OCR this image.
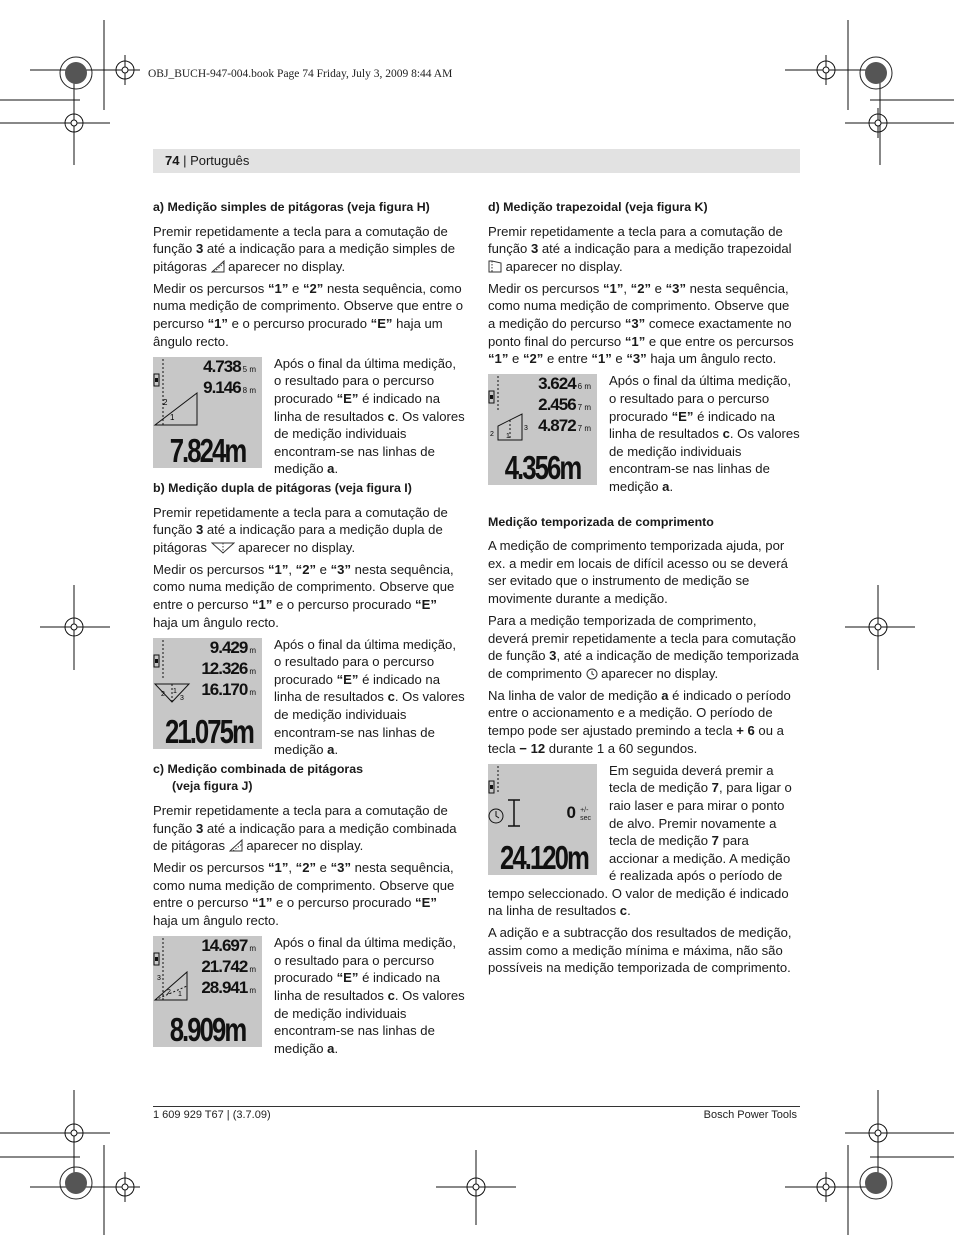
OBJ_BUCH-947-004.book Page 74 Friday, July 3, 2009 8:44 AM
74 | Português
a) Medição simples de pitágoras (veja figura H)

Premir repetidamente a tecla para a comutação de função 3 até a indicação para a medição simples de pitágoras  aparecer no display.

Medir os percursos “1” e “2” nesta sequência, como numa medição de comprimento. Observe que entre o percurso “1” e o percurso procurado “E” haja um ângulo recto.

2
1
4.738 5 m
9.146 8 m
7.824m

Após o final da última medição, o resultado para o percurso procurado “E” é indicado na linha de resultados c. Os valores de medição individuais encontram-se nas linhas de medição a.

b) Medição dupla de pitágoras (veja figura I)

Premir repetidamente a tecla para a comutação de função 3 até a indicação para a medição dupla de pitágoras  aparecer no display.

Medir os percursos “1”, “2” e “3” nesta sequência, como numa medição de comprimento. Observe que entre o percurso “1” e o percurso procurado “E” haja um ângulo recto.

2 1
3
9.429 m
12.326 m
16.170 m
21.075m

Após o final da última medição, o resultado para o percurso procurado “E” é indicado na linha de resultados c. Os valores de medição individuais encontram-se nas linhas de medição a.

c) Medição combinada de pitágoras
(veja figura J)

Premir repetidamente a tecla para a comutação de função 3 até a indicação para a medição combinada de pitágoras  aparecer no display.

Medir os percursos “1”, “2” e “3” nesta sequência, como numa medição de comprimento. Observe que entre o percurso “1” e o percurso procurado “E” haja um ângulo recto.

3
2 1
14.697 m
21.742 m
28.941 m
8.909m

Após o final da última medição, o resultado para o percurso procurado “E” é indicado na linha de resultados c. Os valores de medição individuais encontram-se nas linhas de medição a.

d) Medição trapezoidal (veja figura K)

Premir repetidamente a tecla para a comutação de função 3 até a indicação para a medição trapezoidal  aparecer no display.

Medir os percursos “1”, “2” e “3” nesta sequência, como numa medição de comprimento. Observe que a medição do percurso “3” comece exactamente no ponto final do percurso “1” e que entre os percursos “1” e “2” e entre “1” e “3” haja um ângulo recto.

2
3
1
3.624 6 m
2.456 7 m
4.872 7 m
4.356m

Após o final da última medição, o resultado para o percurso procurado “E” é indicado na linha de resultados c. Os valores de medição individuais encontram-se nas linhas de medição a.

Medição temporizada de comprimento

A medição de comprimento temporizada ajuda, por ex. a medir em locais de difícil acesso ou se deverá ser evitado que o instrumento de medição se movimente durante a medição.

Para a medição temporizada de comprimento, deverá premir repetidamente a tecla para comutação de função 3, até a indicação de medição temporizada de comprimento  aparecer no display.

Na linha de valor de medição a é indicado o período entre o accionamento e a medição. O período de tempo pode ser ajustado premindo a tecla + 6 ou a tecla − 12 durante 1 a 60 segundos.

0 +/-
sec
24.120m

Em seguida deverá premir a tecla de medição 7, para ligar o raio laser e para mirar o ponto de alvo. Premir novamente a tecla de medição 7 para accionar a medição. A medição é realizada após o período de tempo seleccionado. O valor de medição é indicado na linha de resultados c.

A adição e a subtracção dos resultados de medição, assim como a medição mínima e máxima, não são possíveis na medição temporizada de comprimento.

1 609 929 T67 | (3.7.09)	Bosch Power Tools
